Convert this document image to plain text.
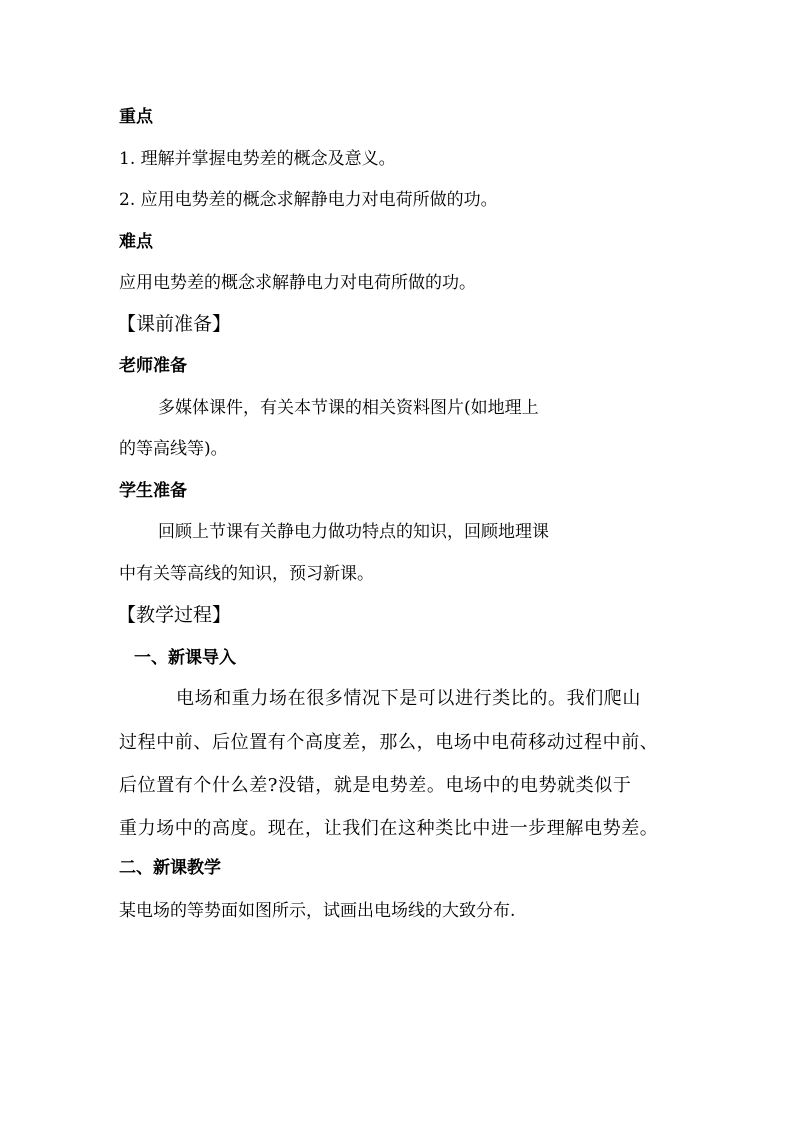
重点
1. 理解并掌握电势差的概念及意义。
2. 应用电势差的概念求解静电力对电荷所做的功。
难点
应用电势差的概念求解静电力对电荷所做的功。
【课前准备】
老师准备
多媒体课件，有关本节课的相关资料图片(如地理上
的等高线等)。
学生准备
回顾上节课有关静电力做功特点的知识，回顾地理课
中有关等高线的知识，预习新课。
【教学过程】
一、新课导入
电场和重力场在很多情况下是可以进行类比的。我们爬山
过程中前、后位置有个高度差，那么，电场中电荷移动过程中前、
后位置有个什么差?没错，就是电势差。电场中的电势就类似于
重力场中的高度。现在，让我们在这种类比中进一步理解电势差。
二、新课教学
某电场的等势面如图所示，试画出电场线的大致分布.
